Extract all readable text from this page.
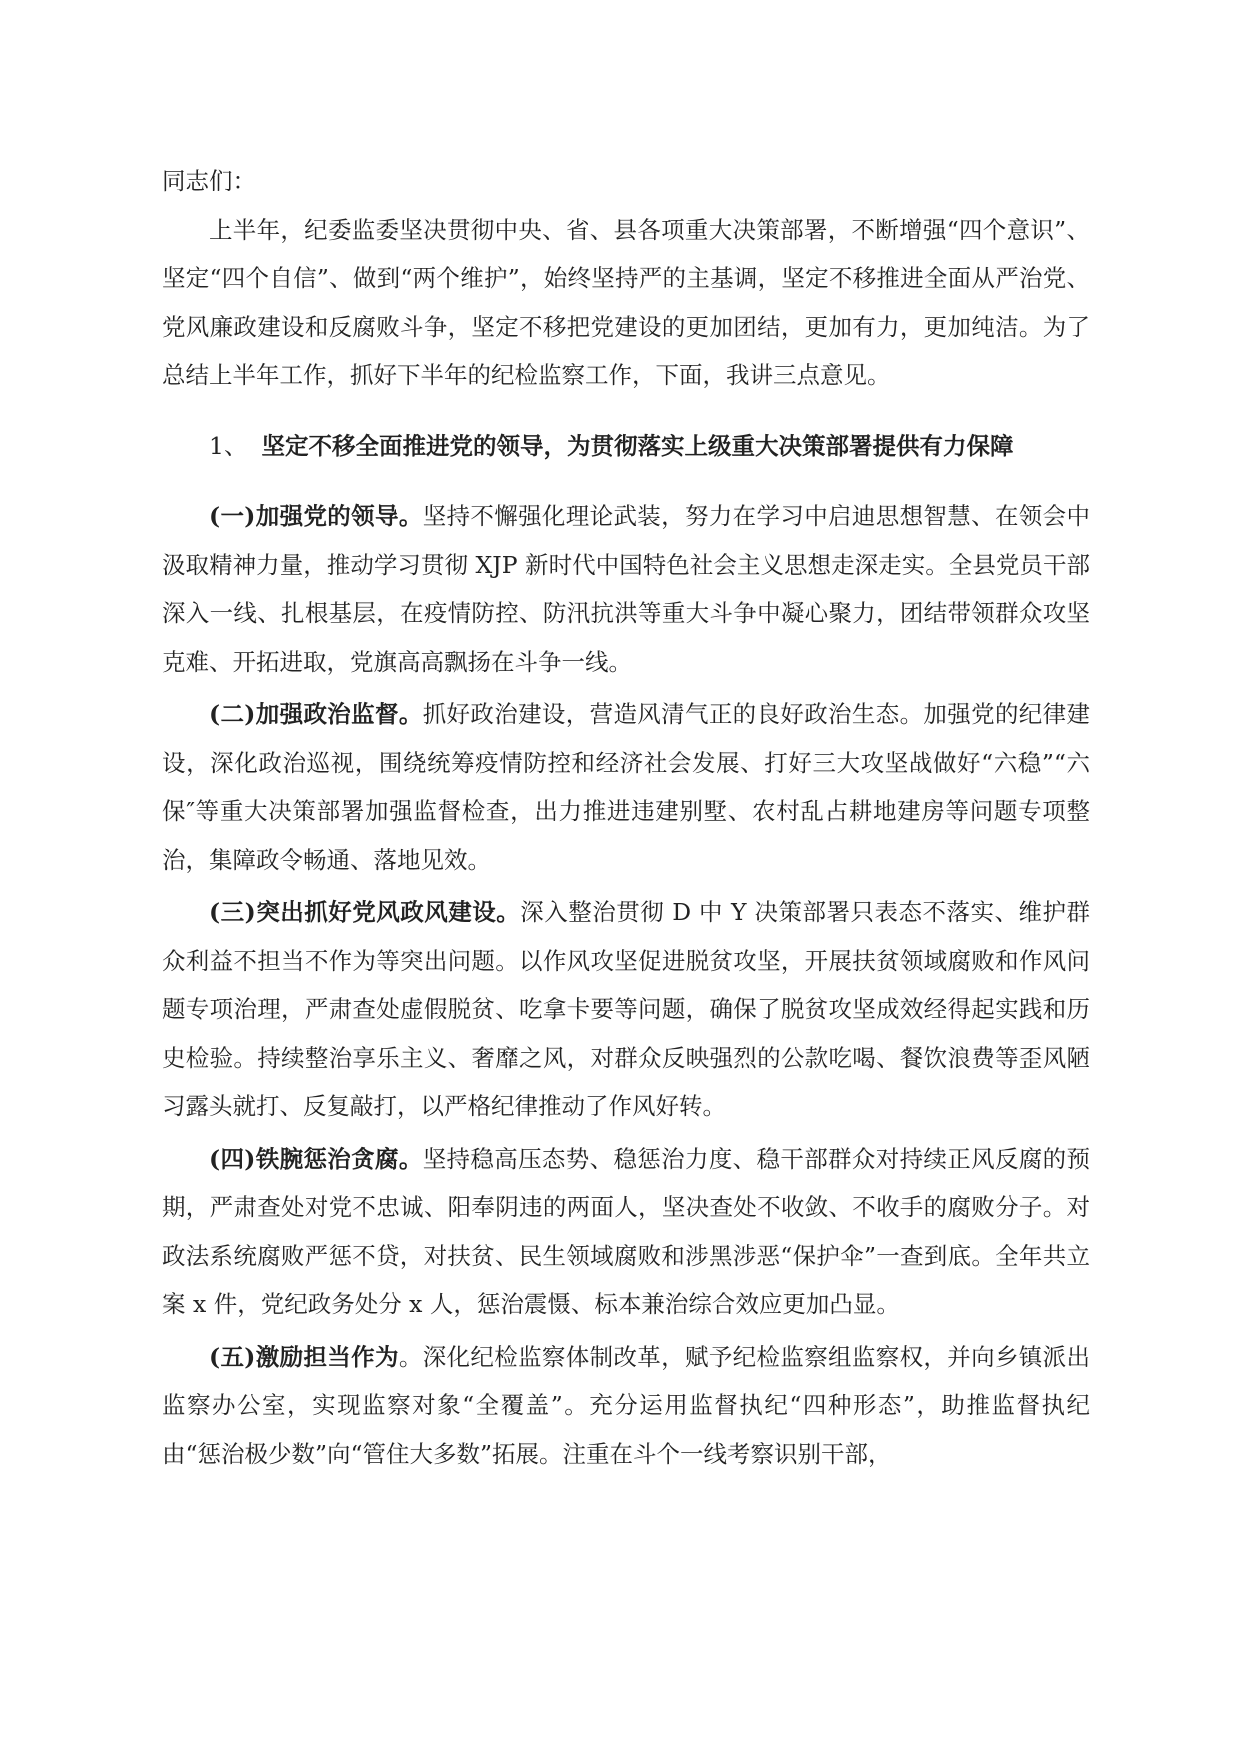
同志们：

上半年，纪委监委坚决贯彻中央、省、县各项重大决策部署，不断增强“四个意识”、坚定“四个自信”、做到“两个维护”，始终坚持严的主基调，坚定不移推进全面从严治党、党风廉政建设和反腐败斗争，坚定不移把党建设的更加团结，更加有力，更加纯洁。为了总结上半年工作，抓好下半年的纪检监察工作，下面，我讲三点意见。

1、 坚定不移全面推进党的领导，为贯彻落实上级重大决策部署提供有力保障

(一)加强党的领导。坚持不懈强化理论武装，努力在学习中启迪思想智慧、在领会中汲取精神力量，推动学习贯彻 XJP 新时代中国特色社会主义思想走深走实。全县党员干部深入一线、扎根基层，在疫情防控、防汛抗洪等重大斗争中凝心聚力，团结带领群众攻坚克难、开拓进取，党旗高高飘扬在斗争一线。

(二)加强政治监督。抓好政治建设，营造风清气正的良好政治生态。加强党的纪律建设，深化政治巡视，围绕统筹疫情防控和经济社会发展、打好三大攻坚战做好“六稳”“六保″等重大决策部署加强监督检查，出力推进违建别墅、农村乱占耕地建房等问题专项整治，集障政令畅通、落地见效。

(三)突出抓好党风政风建设。深入整治贯彻 D 中 Y 决策部署只表态不落实、维护群众利益不担当不作为等突出问题。以作风攻坚促进脱贫攻坚，开展扶贫领域腐败和作风问题专项治理，严肃查处虚假脱贫、吃拿卡要等问题，确保了脱贫攻坚成效经得起实践和历史检验。持续整治享乐主义、奢靡之风，对群众反映强烈的公款吃喝、餐饮浪费等歪风陋习露头就打、反复敲打，以严格纪律推动了作风好转。

(四)铁腕惩治贪腐。坚持稳高压态势、稳惩治力度、稳干部群众对持续正风反腐的预期，严肃查处对党不忠诚、阳奉阴违的两面人，坚决查处不收敛、不收手的腐败分子。对政法系统腐败严惩不贷，对扶贫、民生领域腐败和涉黑涉恶“保护伞”一查到底。全年共立案 x 件，党纪政务处分 x 人，惩治震慑、标本兼治综合效应更加凸显。

(五)激励担当作为。深化纪检监察体制改革，赋予纪检监察组监察权，并向乡镇派出监察办公室，实现监察对象“全覆盖”。充分运用监督执纪“四种形态”，助推监督执纪由“惩治极少数”向“管住大多数”拓展。注重在斗个一线考察识别干部，
